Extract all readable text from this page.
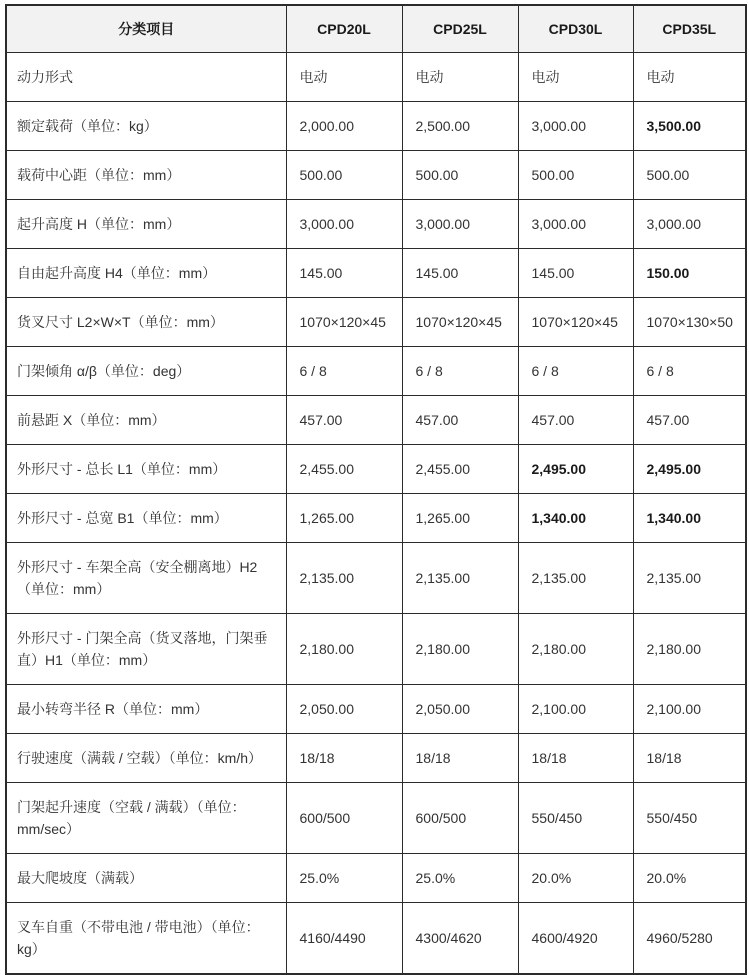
分类项目	CPD20L	CPD25L	CPD30L	CPD35L
动力形式	电动	电动	电动	电动
额定载荷（单位：kg）	2,000.00	2,500.00	3,000.00	3,500.00
载荷中心距（单位：mm）	500.00	500.00	500.00	500.00
起升高度 H（单位：mm）	3,000.00	3,000.00	3,000.00	3,000.00
自由起升高度 H4（单位：mm）	145.00	145.00	145.00	150.00
货叉尺寸 L2×W×T（单位：mm）	1070×120×45	1070×120×45	1070×120×45	1070×130×50
门架倾角 α/β（单位：deg）	6 / 8	6 / 8	6 / 8	6 / 8
前悬距 X（单位：mm）	457.00	457.00	457.00	457.00
外形尺寸 - 总长 L1（单位：mm）	2,455.00	2,455.00	2,495.00	2,495.00
外形尺寸 - 总宽 B1（单位：mm）	1,265.00	1,265.00	1,340.00	1,340.00
外形尺寸 - 车架全高（安全棚离地）H2（单位：mm）	2,135.00	2,135.00	2,135.00	2,135.00
外形尺寸 - 门架全高（货叉落地，门架垂直）H1（单位：mm）	2,180.00	2,180.00	2,180.00	2,180.00
最小转弯半径 R（单位：mm）	2,050.00	2,050.00	2,100.00	2,100.00
行驶速度（满载 / 空载）（单位：km/h）	18/18	18/18	18/18	18/18
门架起升速度（空载 / 满载）（单位：mm/sec）	600/500	600/500	550/450	550/450
最大爬坡度（满载）	25.0%	25.0%	20.0%	20.0%
叉车自重（不带电池 / 带电池）（单位：kg）	4160/4490	4300/4620	4600/4920	4960/5280
